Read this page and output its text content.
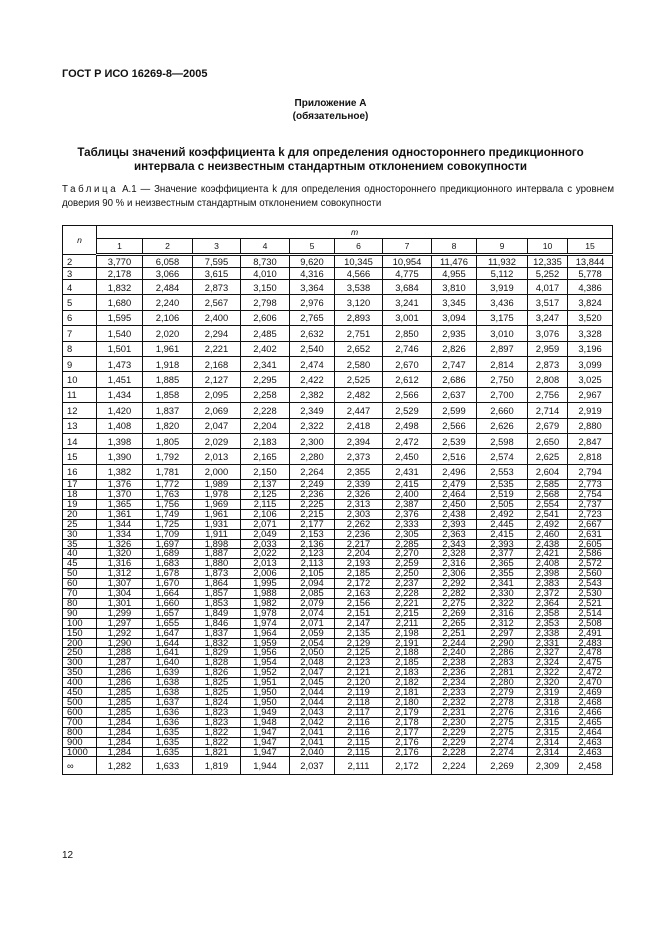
ГОСТ Р ИСО 16269-8—2005
Приложение А
(обязательное)
Таблицы значений коэффициента k для определения одностороннего предикционного
интервала с неизвестным стандартным отклонением совокупности
Таблица А.1 — Значение коэффициента k для определения одностороннего предикционного интервала с уровнем доверия 90 % и неизвестным стандартным отклонением совокупности
n	m										
	1	2	3	4	5	6	7	8	9	10	15
2	3,770	6,058	7,595	8,730	9,620	10,345	10,954	11,476	11,932	12,335	13,844
3	2,178	3,066	3,615	4,010	4,316	4,566	4,775	4,955	5,112	5,252	5,778
4	1,832	2,484	2,873	3,150	3,364	3,538	3,684	3,810	3,919	4,017	4,386
5	1,680	2,240	2,567	2,798	2,976	3,120	3,241	3,345	3,436	3,517	3,824
6	1,595	2,106	2,400	2,606	2,765	2,893	3,001	3,094	3,175	3,247	3,520
7	1,540	2,020	2,294	2,485	2,632	2,751	2,850	2,935	3,010	3,076	3,328
8	1,501	1,961	2,221	2,402	2,540	2,652	2,746	2,826	2,897	2,959	3,196
9	1,473	1,918	2,168	2,341	2,474	2,580	2,670	2,747	2,814	2,873	3,099
10	1,451	1,885	2,127	2,295	2,422	2,525	2,612	2,686	2,750	2,808	3,025
11	1,434	1,858	2,095	2,258	2,382	2,482	2,566	2,637	2,700	2,756	2,967
12	1,420	1,837	2,069	2,228	2,349	2,447	2,529	2,599	2,660	2,714	2,919
13	1,408	1,820	2,047	2,204	2,322	2,418	2,498	2,566	2,626	2,679	2,880
14	1,398	1,805	2,029	2,183	2,300	2,394	2,472	2,539	2,598	2,650	2,847
15	1,390	1,792	2,013	2,165	2,280	2,373	2,450	2,516	2,574	2,625	2,818
16	1,382	1,781	2,000	2,150	2,264	2,355	2,431	2,496	2,553	2,604	2,794
17	1,376	1,772	1,989	2,137	2,249	2,339	2,415	2,479	2,535	2,585	2,773
18	1,370	1,763	1,978	2,125	2,236	2,326	2,400	2,464	2,519	2,568	2,754
19	1,365	1,756	1,969	2,115	2,225	2,313	2,387	2,450	2,505	2,554	2,737
20	1,361	1,749	1,961	2,106	2,215	2,303	2,376	2,438	2,492	2,541	2,723
25	1,344	1,725	1,931	2,071	2,177	2,262	2,333	2,393	2,445	2,492	2,667
30	1,334	1,709	1,911	2,049	2,153	2,236	2,305	2,363	2,415	2,460	2,631
35	1,326	1,697	1,898	2,033	2,136	2,217	2,285	2,343	2,393	2,438	2,605
40	1,320	1,689	1,887	2,022	2,123	2,204	2,270	2,328	2,377	2,421	2,586
45	1,316	1,683	1,880	2,013	2,113	2,193	2,259	2,316	2,365	2,408	2,572
50	1,312	1,678	1,873	2,006	2,105	2,185	2,250	2,306	2,355	2,398	2,560
60	1,307	1,670	1,864	1,995	2,094	2,172	2,237	2,292	2,341	2,383	2,543
70	1,304	1,664	1,857	1,988	2,085	2,163	2,228	2,282	2,330	2,372	2,530
80	1,301	1,660	1,853	1,982	2,079	2,156	2,221	2,275	2,322	2,364	2,521
90	1,299	1,657	1,849	1,978	2,074	2,151	2,215	2,269	2,316	2,358	2,514
100	1,297	1,655	1,846	1,974	2,071	2,147	2,211	2,265	2,312	2,353	2,508
150	1,292	1,647	1,837	1,964	2,059	2,135	2,198	2,251	2,297	2,338	2,491
200	1,290	1,644	1,832	1,959	2,054	2,129	2,191	2,244	2,290	2,331	2,483
250	1,288	1,641	1,829	1,956	2,050	2,125	2,188	2,240	2,286	2,327	2,478
300	1,287	1,640	1,828	1,954	2,048	2,123	2,185	2,238	2,283	2,324	2,475
350	1,286	1,639	1,826	1,952	2,047	2,121	2,183	2,236	2,281	2,322	2,472
400	1,286	1,638	1,825	1,951	2,045	2,120	2,182	2,234	2,280	2,320	2,470
450	1,285	1,638	1,825	1,950	2,044	2,119	2,181	2,233	2,279	2,319	2,469
500	1,285	1,637	1,824	1,950	2,044	2,118	2,180	2,232	2,278	2,318	2,468
600	1,285	1,636	1,823	1,949	2,043	2,117	2,179	2,231	2,276	2,316	2,466
700	1,284	1,636	1,823	1,948	2,042	2,116	2,178	2,230	2,275	2,315	2,465
800	1,284	1,635	1,822	1,947	2,041	2,116	2,177	2,229	2,275	2,315	2,464
900	1,284	1,635	1,822	1,947	2,041	2,115	2,176	2,229	2,274	2,314	2,463
1000	1,284	1,635	1,821	1,947	2,040	2,115	2,176	2,228	2,274	2,314	2,463
∞	1,282	1,633	1,819	1,944	2,037	2,111	2,172	2,224	2,269	2,309	2,458
12
